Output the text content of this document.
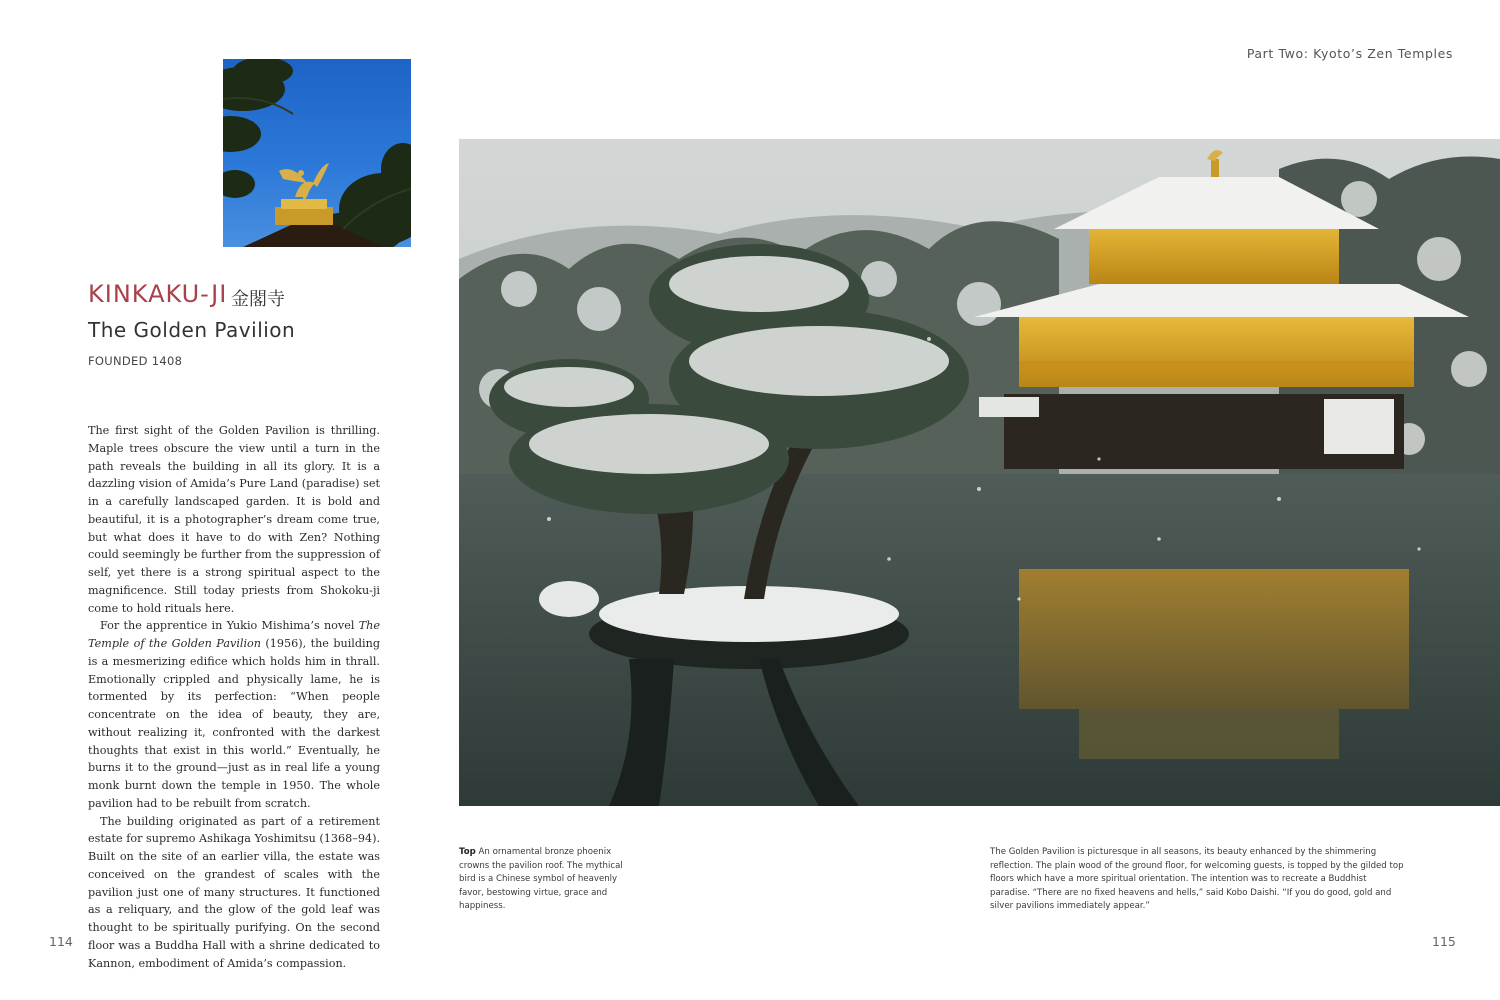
Part Two: Kyoto’s Zen Temples
KINKAKU-JI 金閣寺
The Golden Pavilion
FOUNDED 1408

The first sight of the Golden Pavilion is thrilling. Maple trees obscure the view until a turn in the path reveals the building in all its glory. It is a dazzling vision of Amida’s Pure Land (paradise) set in a carefully landscaped garden. It is bold and beautiful, it is a photographer’s dream come true, but what does it have to do with Zen? Nothing could seemingly be further from the suppression of self, yet there is a strong spiritual aspect to the magnificence. Still today priests from Shokoku-ji come to hold rituals here.

For the apprentice in Yukio Mishima’s novel The Temple of the Golden Pavilion (1956), the building is a mesmerizing edifice which holds him in thrall. Emotionally crippled and physically lame, he is tormented by its perfection: “When people concentrate on the idea of beauty, they are, without realizing it, confronted with the darkest thoughts that exist in this world.” Eventually, he burns it to the ground—just as in real life a young monk burnt down the temple in 1950. The whole pavilion had to be rebuilt from scratch.

The building originated as part of a retirement estate for supremo Ashikaga Yoshimitsu (1368–94). Built on the site of an earlier villa, the estate was conceived on the grandest of scales with the pavilion just one of many structures. It functioned as a reliquary, and the glow of the gold leaf was thought to be spiritually purifying. On the second floor was a Buddha Hall with a shrine dedicated to Kannon, embodiment of Amida’s compassion.

Top An ornamental bronze phoenix crowns the pavilion roof. The mythical bird is a Chinese symbol of heavenly favor, bestowing virtue, grace and happiness.
The Golden Pavilion is picturesque in all seasons, its beauty enhanced by the shimmering reflection. The plain wood of the ground floor, for welcoming guests, is topped by the gilded top floors which have a more spiritual orientation. The intention was to recreate a Buddhist paradise. “There are no fixed heavens and hells,” said Kobo Daishi. “If you do good, gold and silver pavilions immediately appear.”
114	115
